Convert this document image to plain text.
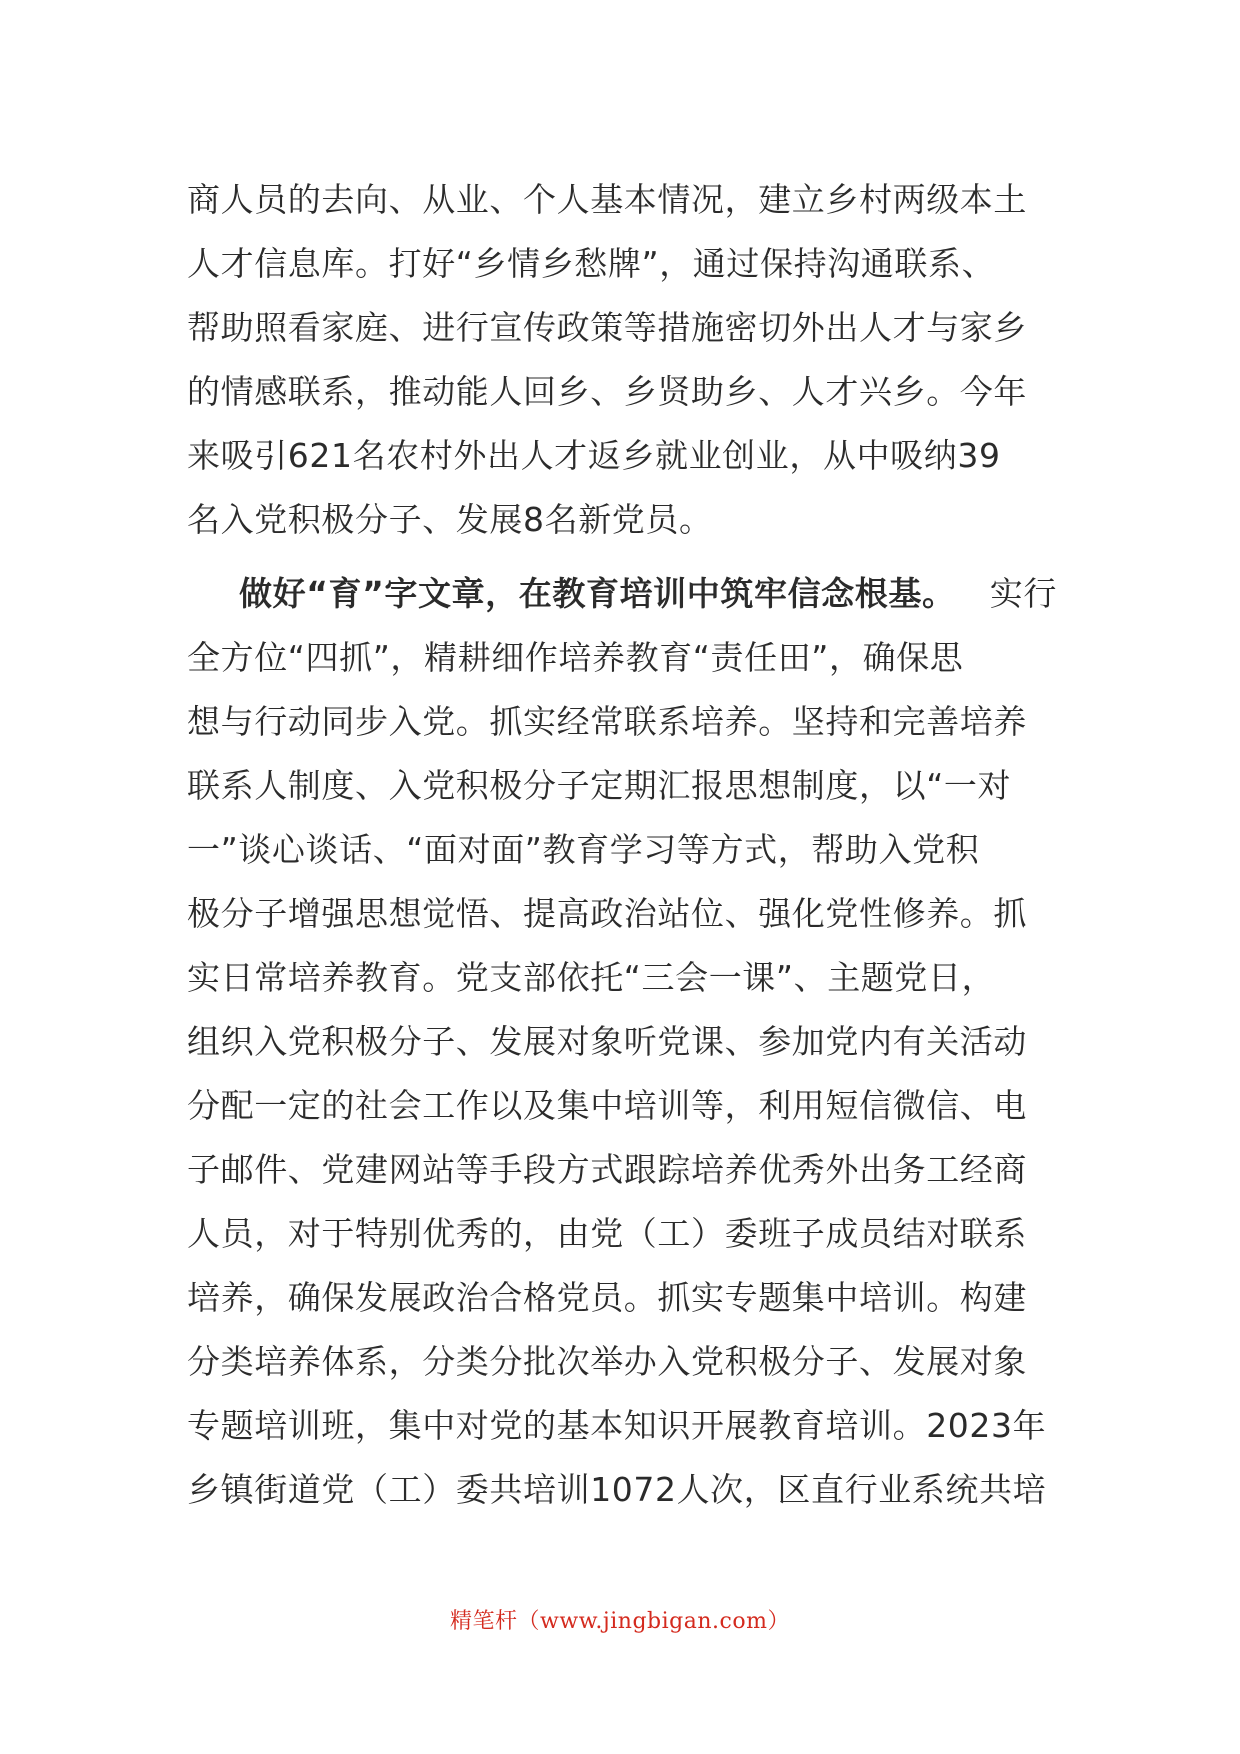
商人员的去向、从业、个人基本情况，建立乡村两级本土
人才信息库。打好“乡情乡愁牌”，通过保持沟通联系、
帮助照看家庭、进行宣传政策等措施密切外出人才与家乡
的情感联系，推动能人回乡、乡贤助乡、人才兴乡。今年
来吸引621名农村外出人才返乡就业创业，从中吸纳39
名入党积极分子、发展8名新党员。
做好“育”字文章，在教育培训中筑牢信念根基。 实行
全方位“四抓”，精耕细作培养教育“责任田”，确保思
想与行动同步入党。抓实经常联系培养。坚持和完善培养
联系人制度、入党积极分子定期汇报思想制度，以“一对
一”谈心谈话、“面对面”教育学习等方式，帮助入党积
极分子增强思想觉悟、提高政治站位、强化党性修养。抓
实日常培养教育。党支部依托“三会一课”、主题党日，
组织入党积极分子、发展对象听党课、参加党内有关活动
分配一定的社会工作以及集中培训等，利用短信微信、电
子邮件、党建网站等手段方式跟踪培养优秀外出务工经商
人员，对于特别优秀的，由党（工）委班子成员结对联系
培养，确保发展政治合格党员。抓实专题集中培训。构建
分类培养体系，分类分批次举办入党积极分子、发展对象
专题培训班，集中对党的基本知识开展教育培训。2023年
乡镇街道党（工）委共培训1072人次，区直行业系统共培
精笔杆（www.jingbigan.com）
